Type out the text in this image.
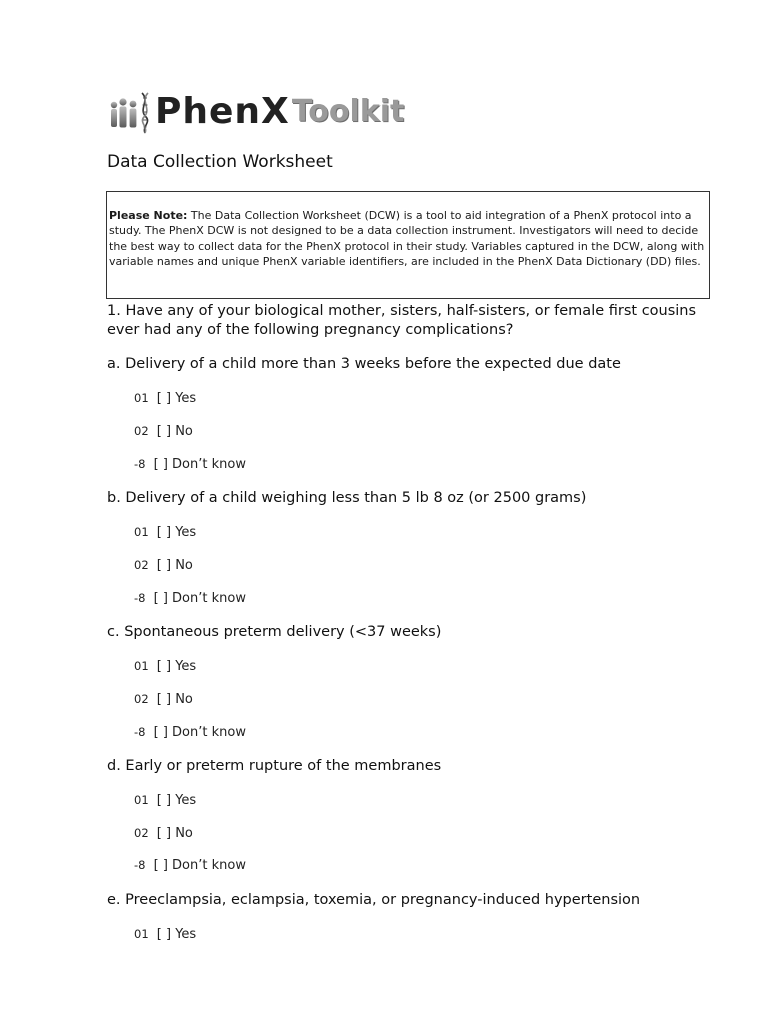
PhenX Toolkit
Data Collection Worksheet
Please Note: The Data Collection Worksheet (DCW) is a tool to aid integration of a PhenX protocol into a study. The PhenX DCW is not designed to be a data collection instrument. Investigators will need to decide the best way to collect data for the PhenX protocol in their study. Variables captured in the DCW, along with variable names and unique PhenX variable identifiers, are included in the PhenX Data Dictionary (DD) files.
1. Have any of your biological mother, sisters, half-sisters, or female first cousins ever had any of the following pregnancy complications?
a. Delivery of a child more than 3 weeks before the expected due date
01 [ ] Yes
02 [ ] No
-8 [ ] Don’t know
b. Delivery of a child weighing less than 5 lb 8 oz (or 2500 grams)
01 [ ] Yes
02 [ ] No
-8 [ ] Don’t know
c. Spontaneous preterm delivery (<37 weeks)
01 [ ] Yes
02 [ ] No
-8 [ ] Don’t know
d. Early or preterm rupture of the membranes
01 [ ] Yes
02 [ ] No
-8 [ ] Don’t know
e. Preeclampsia, eclampsia, toxemia, or pregnancy-induced hypertension
01 [ ] Yes
